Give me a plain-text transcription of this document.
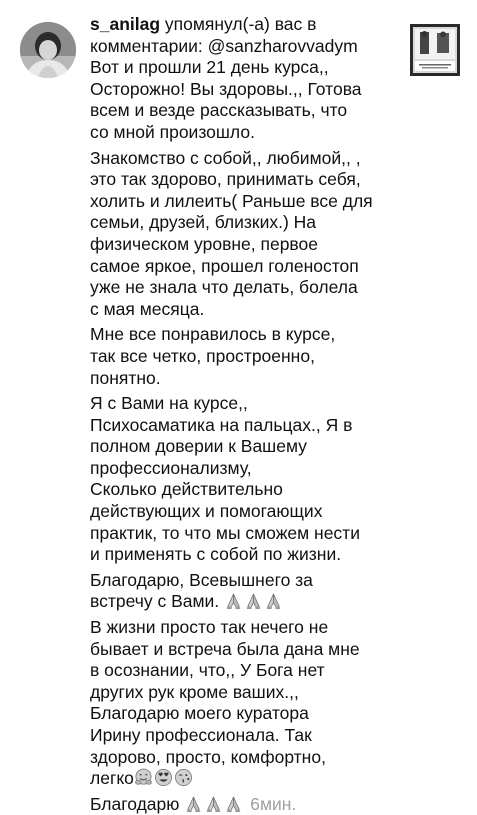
s_anilag упомянул(-а) вас в
комментарии: @sanzharovvadym
Вот и прошли 21 день курса,,
Осторожно! Вы здоровы.,, Готова
всем и везде рассказывать, что
со мной произошло.
Знакомство с собой,, любимой,, ,
это так здорово, принимать себя,
холить и лилеить( Раньше все для
семьи, друзей, близких.) На
физическом уровне, первое
самое яркое, прошел голеностоп
уже не знала что делать, болела
с мая месяца.
Мне все понравилось в курсе,
так все четко, простроенно,
понятно.
Я с Вами на курсе,,
Психосаматика на пальцах., Я в
полном доверии к Вашему
профессионализму,
Сколько действительно
действующих и помогающих
практик, то что мы сможем нести
и применять с собой по жизни.
Благодарю, Всевышнего за
встречу с Вами.
В жизни просто так нечего не
бывает и встреча была дана мне
в осознании, что,, У Бога нет
других рук кроме ваших.,,
Благодарю моего куратора
Ирину профессионала. Так
здорово, просто, комфортно,
легко
Благодарю	6мин.
